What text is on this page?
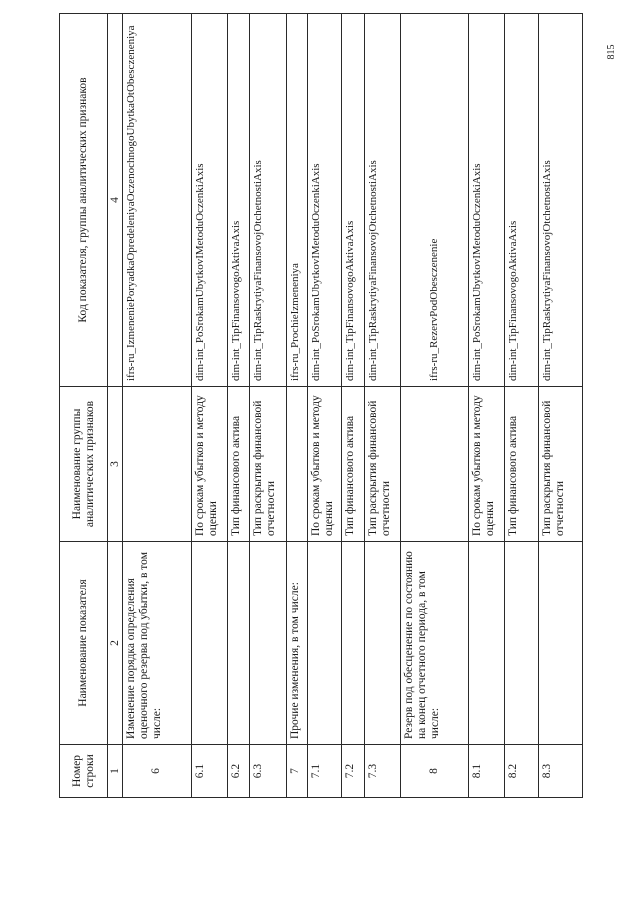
815
Номер строки	Наименование показателя	Наименование группы аналитических признаков	Код показателя, группы аналитических признаков
1	2	3	4
6	Изменение порядка определения оценочного резерва под убытки, в том числе:		ifrs-ru_IzmeneniePoryadkaOpredeleniyaOczenochnogoUbytkaOtObesczeneniya
6.1		По срокам убытков и методу оценки	dim-int_PoSrokamUbytkovIMetoduOczenkiAxis
6.2		Тип финансового актива	dim-int_TipFinansovogoAktivaAxis
6.3		Тип раскрытия финансовой отчетности	dim-int_TipRaskrytiyaFinansovojOtchetnostiAxis
7	Прочие изменения, в том числе:		ifrs-ru_ProchieIzmeneniya
7.1		По срокам убытков и методу оценки	dim-int_PoSrokamUbytkovIMetoduOczenkiAxis
7.2		Тип финансового актива	dim-int_TipFinansovogoAktivaAxis
7.3		Тип раскрытия финансовой отчетности	dim-int_TipRaskrytiyaFinansovojOtchetnostiAxis
8	Резерв под обесценение по состоянию на конец отчетного периода, в том числе:		ifrs-ru_RezervPodObesczenenie
8.1		По срокам убытков и методу оценки	dim-int_PoSrokamUbytkovIMetoduOczenkiAxis
8.2		Тип финансового актива	dim-int_TipFinansovogoAktivaAxis
8.3		Тип раскрытия финансовой отчетности	dim-int_TipRaskrytiyaFinansovojOtchetnostiAxis
